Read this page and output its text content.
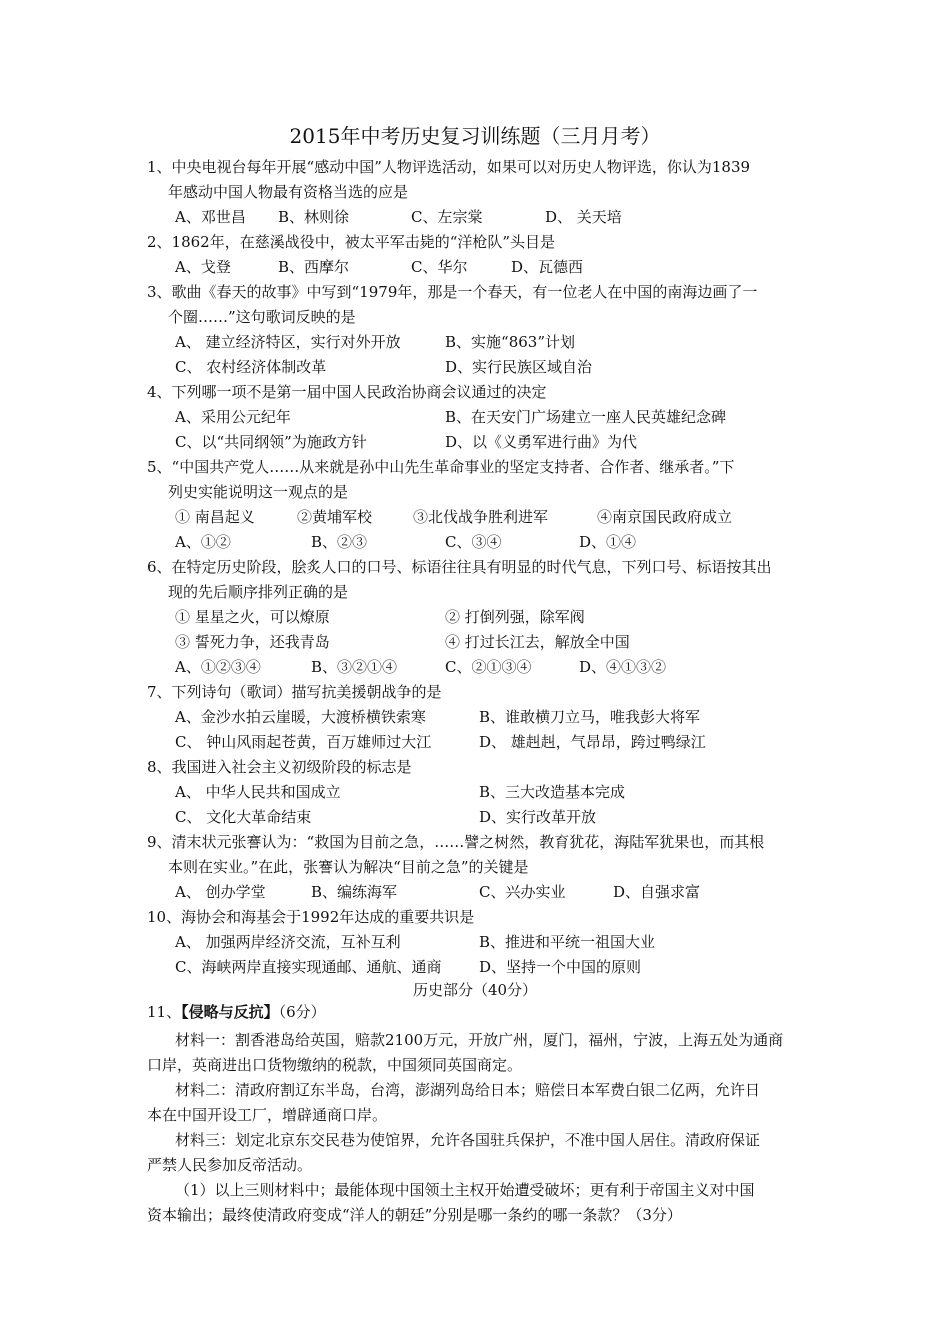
2015年中考历史复习训练题（三月月考）
1、中央电视台每年开展“感动中国”人物评选活动，如果可以对历史人物评选，你认为1839
年感动中国人物最有资格当选的应是
A、邓世昌 B、林则徐	C、左宗棠	D、 关天培
2、1862年，在慈溪战役中，被太平军击毙的“洋枪队”头目是
A、戈登	B、西摩尔	C、华尔	D、瓦德西
3、歌曲《春天的故事》中写到“1979年，那是一个春天，有一位老人在中国的南海边画了一
个圈……”这句歌词反映的是
A、 建立经济特区，实行对外开放	B、实施“863”计划
C、 农村经济体制改革	D、实行民族区域自治
4、下列哪一项不是第一届中国人民政治协商会议通过的决定
A、采用公元纪年	B、在天安门广场建立一座人民英雄纪念碑
C、以“共同纲领”为施政方针	D、以《义勇军进行曲》为代
5、“中国共产党人……从来就是孙中山先生革命事业的坚定支持者、合作者、继承者。”下
列史实能说明这一观点的是
① 南昌起义	②黄埔军校	③北伐战争胜利进军	④南京国民政府成立
A、①②	B、②③	C、③④	D、①④
6、在特定历史阶段，脍炙人口的口号、标语往往具有明显的时代气息，下列口号、标语按其出
现的先后顺序排列正确的是
① 星星之火，可以燎原	② 打倒列强，除军阀
③ 誓死力争，还我青岛	④ 打过长江去，解放全中国
A、①②③④	B、③②①④	C、②①③④	D、④①③②
7、下列诗句（歌词）描写抗美援朝战争的是
A、金沙水拍云崖暖，大渡桥横铁索寒	B、谁敢横刀立马，唯我彭大将军
C、 钟山风雨起苍黄，百万雄师过大江	D、 雄赳赳，气昂昂，跨过鸭绿江
8、我国进入社会主义初级阶段的标志是
A、 中华人民共和国成立	B、三大改造基本完成
C、 文化大革命结束	D、实行改革开放
9、清末状元张謇认为：“救国为目前之急，……譬之树然，教育犹花，海陆军犹果也，而其根
本则在实业。”在此，张謇认为解决“目前之急”的关键是
A、 创办学堂	B、编练海军	C、兴办实业	D、自强求富
10、海协会和海基会于1992年达成的重要共识是
A、 加强两岸经济交流，互补互利	B、推进和平统一祖国大业
C、海峡两岸直接实现通邮、通航、通商	D、坚持一个中国的原则
历史部分（40分）
11、【侵略与反抗】（6分）
材料一：割香港岛给英国，赔款2100万元，开放广州，厦门，福州，宁波，上海五处为通商
口岸，英商进出口货物缴纳的税款，中国须同英国商定。
材料二：清政府割辽东半岛，台湾，澎湖列岛给日本；赔偿日本军费白银二亿两，允许日
本在中国开设工厂，增辟通商口岸。
材料三：划定北京东交民巷为使馆界，允许各国驻兵保护，不准中国人居住。清政府保证
严禁人民参加反帝活动。
（1）以上三则材料中；最能体现中国领土主权开始遭受破坏；更有利于帝国主义对中国
资本输出；最终使清政府变成“洋人的朝廷”分别是哪一条约的哪一条款？（3分）
